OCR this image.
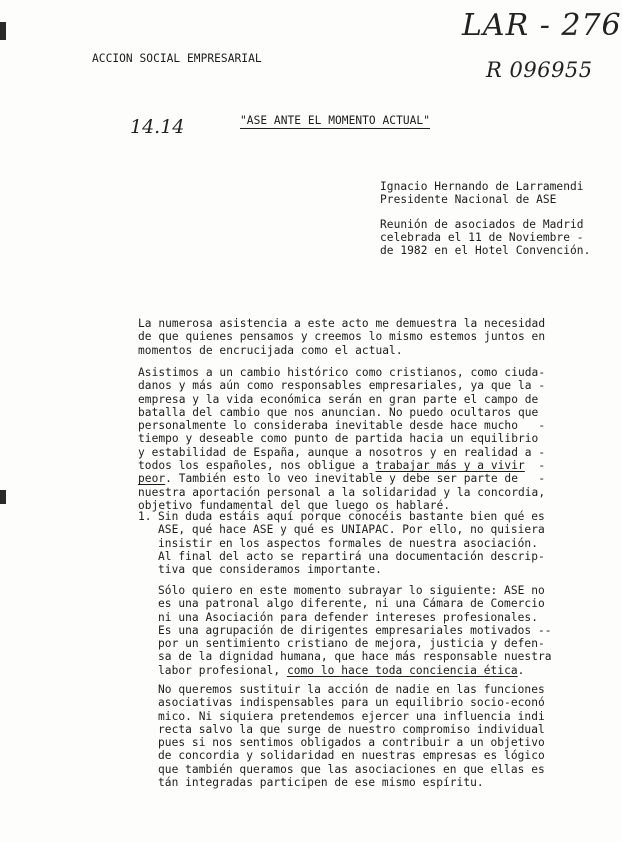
ACCION SOCIAL EMPRESARIAL
LAR - 276
R 096955
14.14	"ASE ANTE EL MOMENTO ACTUAL"
Ignacio Hernando de Larramendi
Presidente Nacional de ASE
Reunión de asociados de Madrid
celebrada el 11 de Noviembre -
de 1982 en el Hotel Convención.
La numerosa asistencia a este acto me demuestra la necesidad
de que quienes pensamos y creemos lo mismo estemos juntos en
momentos de encrucijada como el actual.
Asistimos a un cambio histórico como cristianos, como ciuda-
danos y más aún como responsables empresariales, ya que la -
empresa y la vida económica serán en gran parte el campo de
batalla del cambio que nos anuncian. No puedo ocultaros que
personalmente lo consideraba inevitable desde hace mucho   -
tiempo y deseable como punto de partida hacia un equilibrio
y estabilidad de España, aunque a nosotros y en realidad a -
todos los españoles, nos obligue a trabajar más y a vivir  -
peor. También esto lo veo inevitable y debe ser parte de   -
nuestra aportación personal a la solidaridad y la concordia,
objetivo fundamental del que luego os hablaré.
1. Sin duda estáis aquí porque conocéis bastante bien qué es
ASE, qué hace ASE y qué es UNIAPAC. Por ello, no quisiera
insistir en los aspectos formales de nuestra asociación.
Al final del acto se repartirá una documentación descrip-
tiva que consideramos importante.
Sólo quiero en este momento subrayar lo siguiente: ASE no
es una patronal algo diferente, ni una Cámara de Comercio
ni una Asociación para defender intereses profesionales.
Es una agrupación de dirigentes empresariales motivados --
por un sentimiento cristiano de mejora, justicia y defen-
sa de la dignidad humana, que hace más responsable nuestra
labor profesional, como lo hace toda conciencia ética.
No queremos sustituir la acción de nadie en las funciones
asociativas indispensables para un equilibrio socio-econó
mico. Ni siquiera pretendemos ejercer una influencia indi
recta salvo la que surge de nuestro compromiso individual
pues si nos sentimos obligados a contribuir a un objetivo
de concordia y solidaridad en nuestras empresas es lógico
que también queramos que las asociaciones en que ellas es
tán integradas participen de ese mismo espíritu.
